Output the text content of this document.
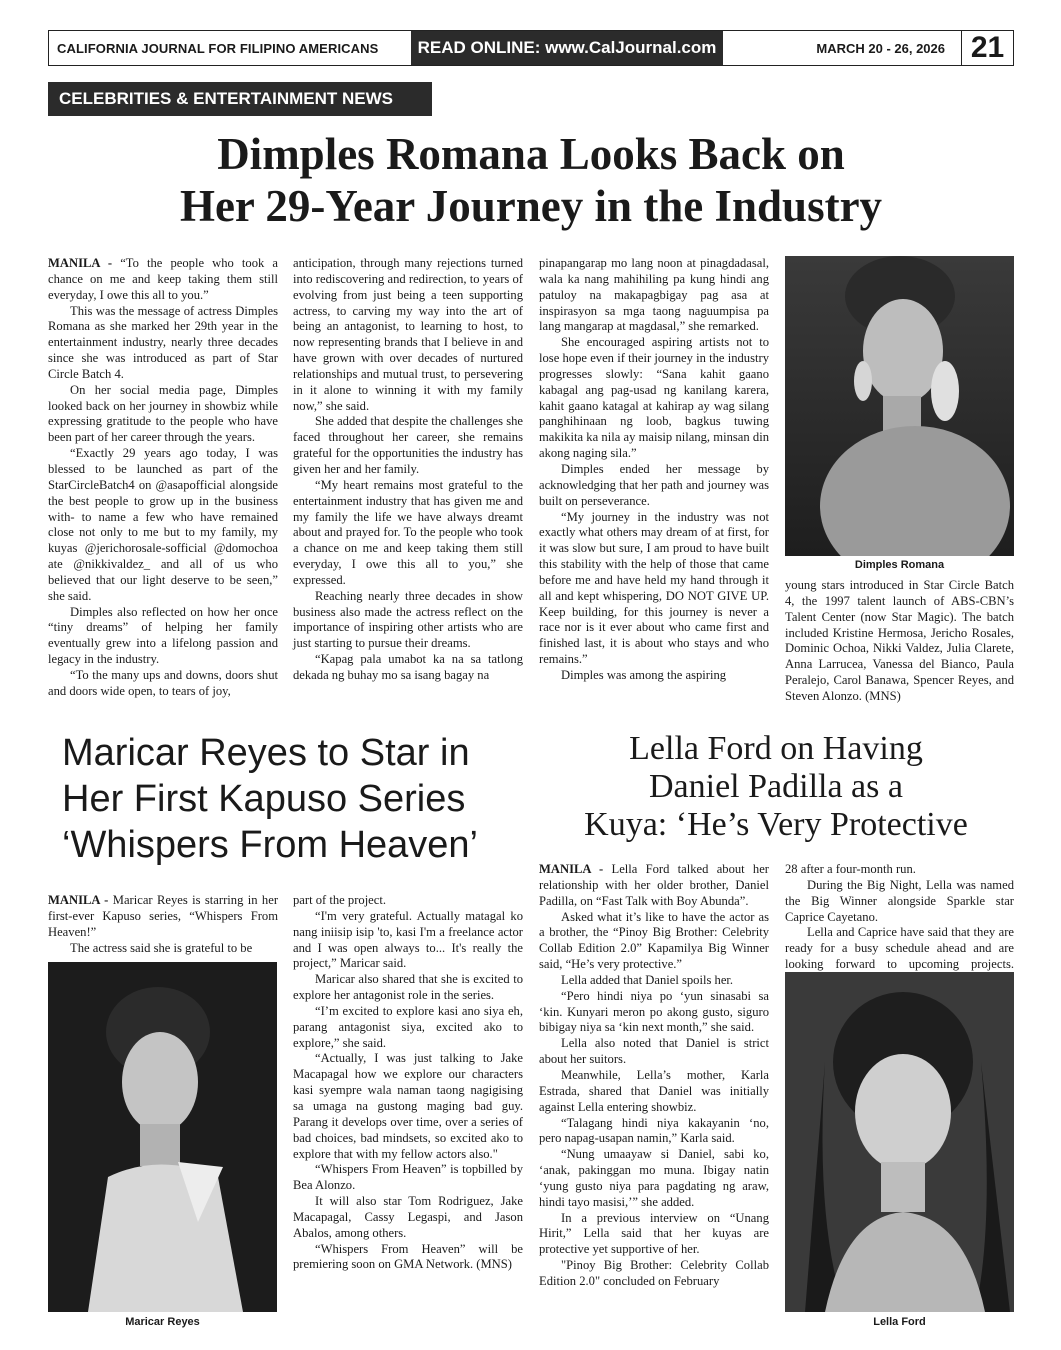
CALIFORNIA JOURNAL FOR FILIPINO AMERICANS	READ ONLINE: www.CalJournal.com	MARCH 20 - 26, 2026 21
CELEBRITIES & ENTERTAINMENT NEWS
Dimples Romana Looks Back on
Her 29-Year Journey in the Industry

MANILA - “To the people who took a chance on me and keep taking them still everyday, I owe this all to you.”

This was the message of actress Dimples Romana as she marked her 29th year in the entertainment industry, nearly three decades since she was introduced as part of Star Circle Batch 4.

On her social media page, Dimples looked back on her journey in showbiz while expressing gratitude to the people who have been part of her career through the years.

“Exactly 29 years ago today, I was blessed to be launched as part of the StarCircleBatch4 on @asapofficial alongside the best people to grow up in the business with- to name a few who have remained close not only to me but to my family, my kuyas @jerichorosale-sofficial @domochoa ate @nikkivaldez_ and all of us who believed that our light deserve to be seen,” she said.

Dimples also reflected on how her once “tiny dreams” of helping her family eventually grew into a lifelong passion and legacy in the industry.

“To the many ups and downs, doors shut and doors wide open, to tears of joy,

anticipation, through many rejections turned into rediscovering and redirection, to years of evolving from just being a teen supporting actress, to carving my way into the art of being an antagonist, to learning to host, to now representing brands that I believe in and have grown with over decades of nurtured relationships and mutual trust, to persevering in it alone to winning it with my family now,” she said.

She added that despite the challenges she faced throughout her career, she remains grateful for the opportunities the industry has given her and her family.

“My heart remains most grateful to the entertainment industry that has given me and my family the life we have always dreamt about and prayed for. To the people who took a chance on me and keep taking them still everyday, I owe this all to you,” she expressed.

Reaching nearly three decades in show business also made the actress reflect on the importance of inspiring other artists who are just starting to pursue their dreams.

“Kapag pala umabot ka na sa tatlong dekada ng buhay mo sa isang bagay na

pinapangarap mo lang noon at pinagdadasal, wala ka nang mahihiling pa kung hindi ang patuloy na makapagbigay pag asa at inspirasyon sa mga taong naguumpisa pa lang mangarap at magdasal,” she remarked.

She encouraged aspiring artists not to lose hope even if their journey in the industry progresses slowly: “Sana kahit gaano kabagal ang pag-usad ng kanilang karera, kahit gaano katagal at kahirap ay wag silang panghihinaan ng loob, bagkus tuwing makikita ka nila ay maisip nilang, minsan din akong naging sila.”

Dimples ended her message by acknowledging that her path and journey was built on perseverance.

“My journey in the industry was not exactly what others may dream of at first, for it was slow but sure, I am proud to have built this stability with the help of those that came before me and have held my hand through it all and kept whispering, DO NOT GIVE UP. Keep building, for this journey is never a race nor is it ever about who came first and finished last, it is about who stays and who remains.”

Dimples was among the aspiring

Dimples Romana

young stars introduced in Star Circle Batch 4, the 1997 talent launch of ABS-CBN’s Talent Center (now Star Magic). The batch included Kristine Hermosa, Jericho Rosales, Dominic Ochoa, Nikki Valdez, Julia Clarete, Anna Larrucea, Vanessa del Bianco, Paula Peralejo, Carol Banawa, Spencer Reyes, and Steven Alonzo. (MNS)

Maricar Reyes to Star in
Her First Kapuso Series
‘Whispers From Heaven’

MANILA - Maricar Reyes is starring in her first-ever Kapuso series, “Whispers From Heaven!”

The actress said she is grateful to be

Maricar Reyes

part of the project.

“I'm very grateful. Actually matagal ko nang iniisip isip 'to, kasi I'm a freelance actor and I was open always to... It's really the project,” Maricar said.

Maricar also shared that she is excited to explore her antagonist role in the series.

“I’m excited to explore kasi ano siya eh, parang antagonist siya, excited ako to explore,” she said.

“Actually, I was just talking to Jake Macapagal how we explore our characters kasi syempre wala naman taong nagigising sa umaga na gustong maging bad guy. Parang it develops over time, over a series of bad choices, bad mindsets, so excited ako to explore that with my fellow actors also."

“Whispers From Heaven” is topbilled by Bea Alonzo.

It will also star Tom Rodriguez, Jake Macapagal, Cassy Legaspi, and Jason Abalos, among others.

“Whispers From Heaven” will be premiering soon on GMA Network. (MNS)

Lella Ford on Having
Daniel Padilla as a
Kuya: ‘He’s Very Protective

MANILA - Lella Ford talked about her relationship with her older brother, Daniel Padilla, on “Fast Talk with Boy Abunda”.

Asked what it’s like to have the actor as a brother, the “Pinoy Big Brother: Celebrity Collab Edition 2.0” Kapamilya Big Winner said, “He’s very protective.”

Lella added that Daniel spoils her.

“Pero hindi niya po ‘yun sinasabi sa ‘kin. Kunyari meron po akong gusto, siguro bibigay niya sa ‘kin next month,” she said.

Lella also noted that Daniel is strict about her suitors.

Meanwhile, Lella’s mother, Karla Estrada, shared that Daniel was initially against Lella entering showbiz.

“Talagang hindi niya kakayanin ‘no, pero napag-usapan namin,” Karla said.

“Nung umaayaw si Daniel, sabi ko, ‘anak, pakinggan mo muna. Ibigay natin ‘yung gusto niya para pagdating ng araw, hindi tayo masisi,’” she added.

In a previous interview on “Unang Hirit,” Lella said that her kuyas are protective yet supportive of her.

"Pinoy Big Brother: Celebrity Collab Edition 2.0" concluded on February

28 after a four-month run.

During the Big Night, Lella was named the Big Winner alongside Sparkle star Caprice Cayetano.

Lella and Caprice have said that they are ready for a busy schedule ahead and are looking forward to upcoming projects.

Lella Ford
